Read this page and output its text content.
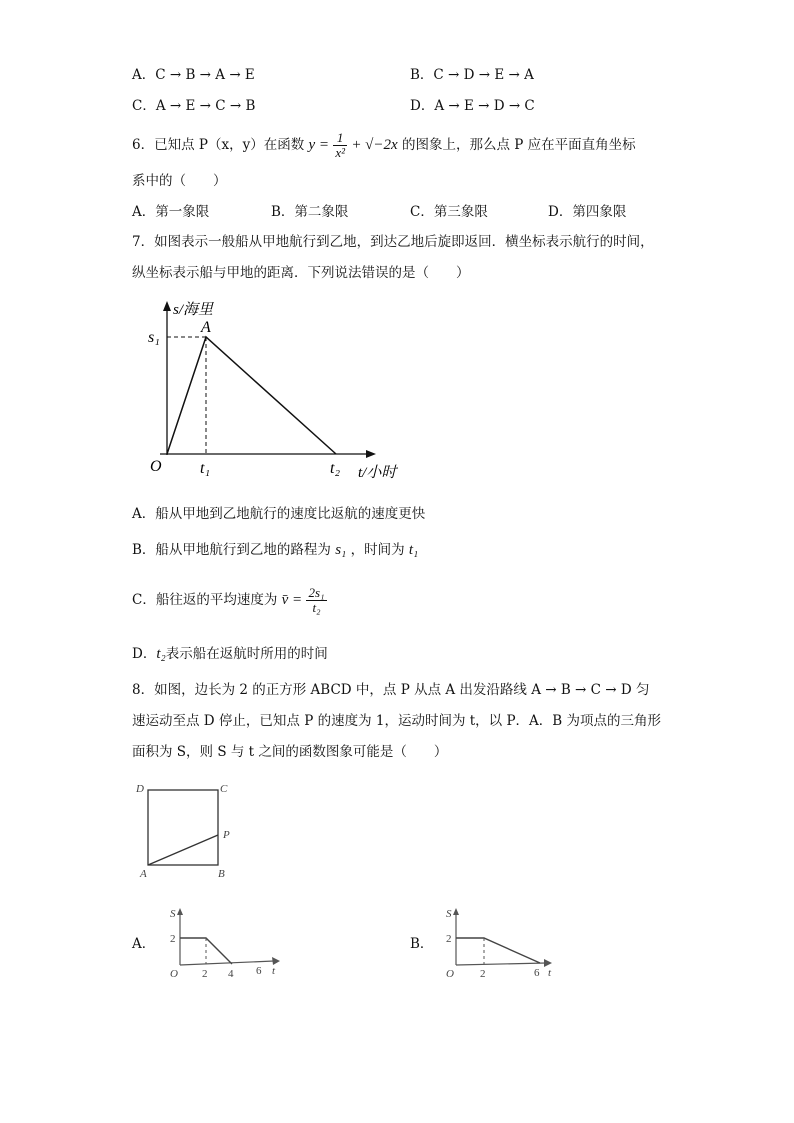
A．C → B → A → E	B．C → D → E → A
C．A → E → C → B	D．A → E → D → C
6．已知点 P（x，y）在函数 $y = \frac{1}{\text{x²}} + √-2x$ 的图象上，那么点 P 应在平面直角坐标
系中的（　　）
A．第一象限	B．第二象限	C．第三象限	D．第四象限
7．如图表示一般船从甲地航行到乙地，到达乙地后旋即返回．横坐标表示航行的时间，
纵坐标表示船与甲地的距离．下列说法错误的是（　　）
s/海里
A
s₁
O t₁	t₂ t/小时
A．船从甲地到乙地航行的速度比返航的速度更快
B．船从甲地航行到乙地的路程为 s₁ ，时间为 t₁
C．船往返的平均速度为 v̄ = $\frac{\text{2s₁}}{\text{t₂}}$
D．t₂表示船在返航时所用的时间
8．如图，边长为 2 的正方形 ABCD 中，点 P 从点 A 出发沿路线 A → B → C → D 匀
速运动至点 D 停止，已知点 P 的速度为 1，运动时间为 t，以 P．A．B 为项点的三角形
面积为 S，则 S 与 t 之间的函数图象可能是（　　）
D	C
P
A	B
A．
S
2
O 2 4 6 t
B．
S
2
O 2	6 t
